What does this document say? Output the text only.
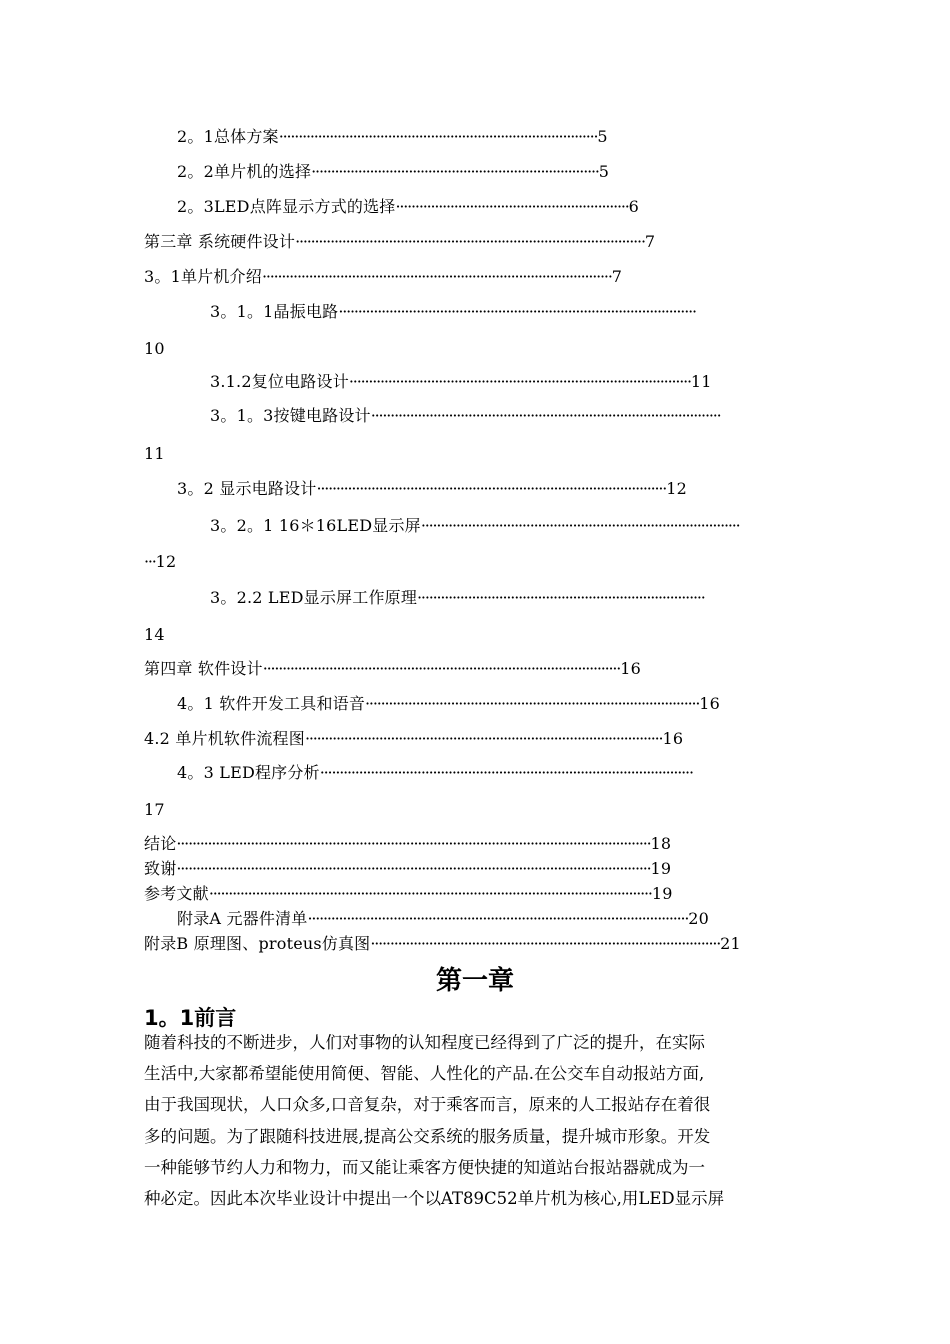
2。1总体方案··················································································5
2。2单片机的选择··········································································5
2。3LED点阵显示方式的选择····························································6
第三章 系统硬件设计··························································································7
3。1单片机介绍··························································································7
3。1。1晶振电路····························································································
10
3.1.2复位电路设计························································································11
3。1。3按键电路设计··························································································
11
3。2 显示电路设计··························································································12
3。2。1 16＊16LED显示屏··················································································
···12
3。2.2 LED显示屏工作原理··········································································
14
第四章 软件设计····························································································16
4。1 软件开发工具和语音······················································································16
4.2 单片机软件流程图····························································································16
4。3 LED程序分析································································································
17
结论··························································································································18
致谢··························································································································19
参考文献··················································································································19
附录A 元器件清单··································································································20
附录B 原理图、proteus仿真图··························································································21
第一章
1。1前言

随着科技的不断进步，人们对事物的认知程度已经得到了广泛的提升，在实际

生活中,大家都希望能使用简便、智能、人性化的产品.在公交车自动报站方面,

由于我国现状，人口众多,口音复杂，对于乘客而言，原来的人工报站存在着很

多的问题。为了跟随科技进展,提高公交系统的服务质量，提升城市形象。开发

一种能够节约人力和物力，而又能让乘客方便快捷的知道站台报站器就成为一

种必定。因此本次毕业设计中提出一个以AT89C52单片机为核心,用LED显示屏
